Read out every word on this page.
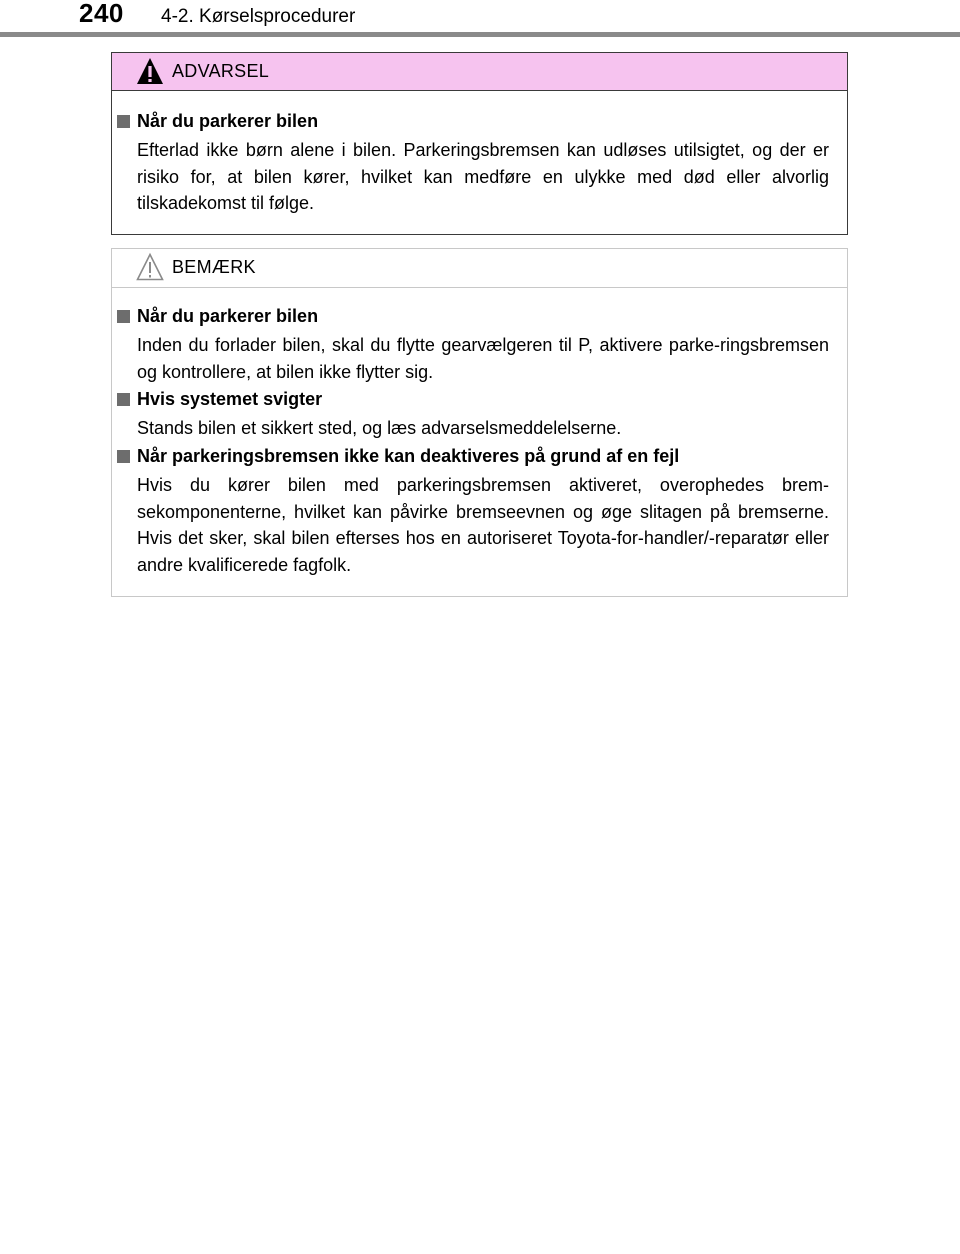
240 4-2. Kørselsprocedurer
ADVARSEL
Når du parkerer bilen
Efterlad ikke børn alene i bilen. Parkeringsbremsen kan udløses utilsigtet, og der er risiko for, at bilen kører, hvilket kan medføre en ulykke med død eller alvorlig tilskadekomst til følge.
BEMÆRK
Når du parkerer bilen
Inden du forlader bilen, skal du flytte gearvælgeren til P, aktivere parke-ringsbremsen og kontrollere, at bilen ikke flytter sig.
Hvis systemet svigter
Stands bilen et sikkert sted, og læs advarselsmeddelelserne.
Når parkeringsbremsen ikke kan deaktiveres på grund af en fejl
Hvis du kører bilen med parkeringsbremsen aktiveret, overophedes brem-sekomponenterne, hvilket kan påvirke bremseevnen og øge slitagen på bremserne. Hvis det sker, skal bilen efterses hos en autoriseret Toyota-for-handler/-reparatør eller andre kvalificerede fagfolk.
